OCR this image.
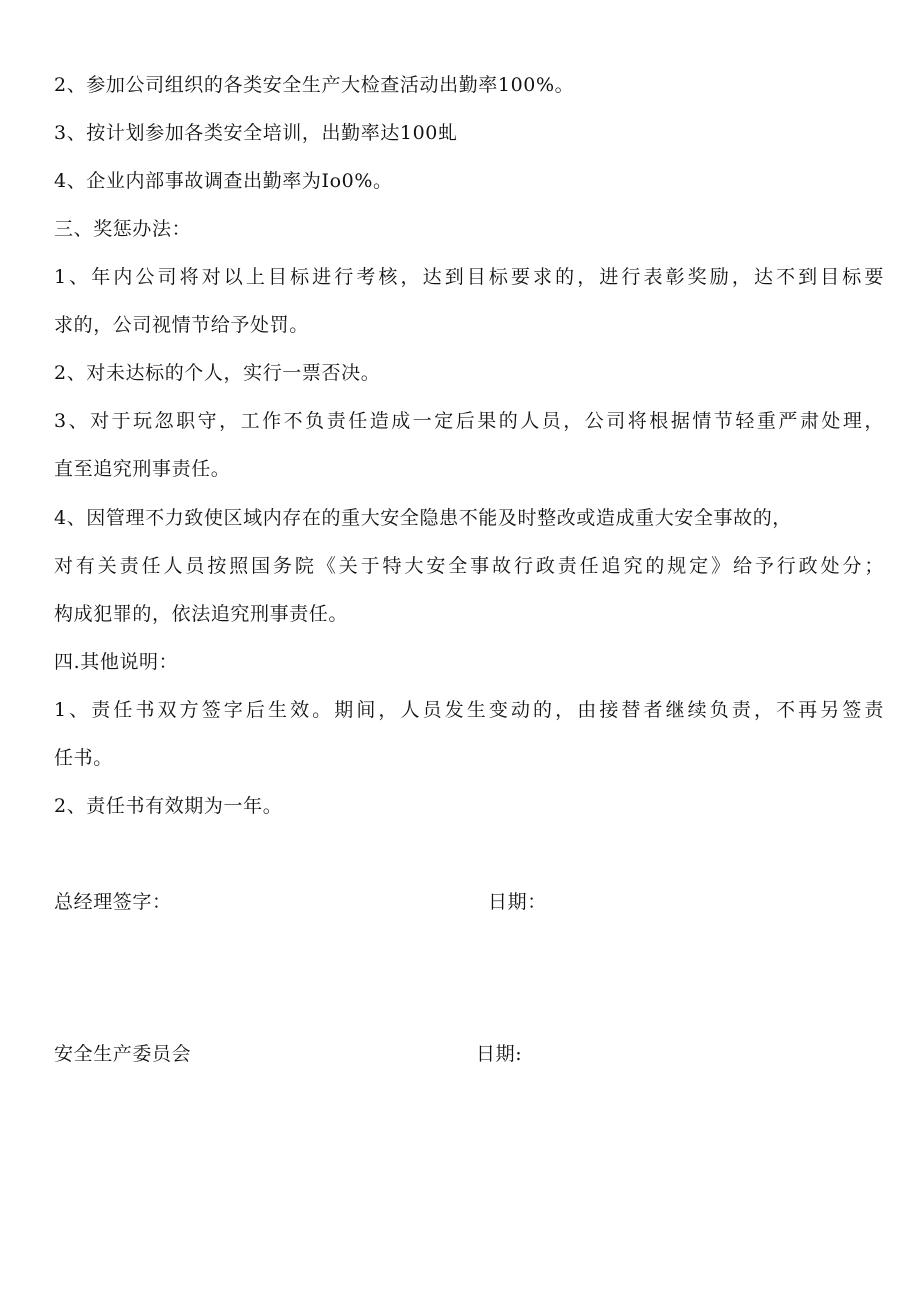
2、参加公司组织的各类安全生产大检查活动出勤率100%。
3、按计划参加各类安全培训，出勤率达100虬
4、企业内部事故调查出勤率为Io0%。
三、奖惩办法：
1、年内公司将对以上目标进行考核，达到目标要求的，进行表彰奖励，达不到目标要
求的，公司视情节给予处罚。
2、对未达标的个人，实行一票否决。
3、对于玩忽职守，工作不负责任造成一定后果的人员，公司将根据情节轻重严肃处理，
直至追究刑事责任。
4、因管理不力致使区域内存在的重大安全隐患不能及时整改或造成重大安全事故的，
对有关责任人员按照国务院《关于特大安全事故行政责任追究的规定》给予行政处分；
构成犯罪的，依法追究刑事责任。
四.其他说明：
1、责任书双方签字后生效。期间，人员发生变动的，由接替者继续负责，不再另签责
任书。
2、责任书有效期为一年。
总经理签字：	日期：
安全生产委员会	日期:
